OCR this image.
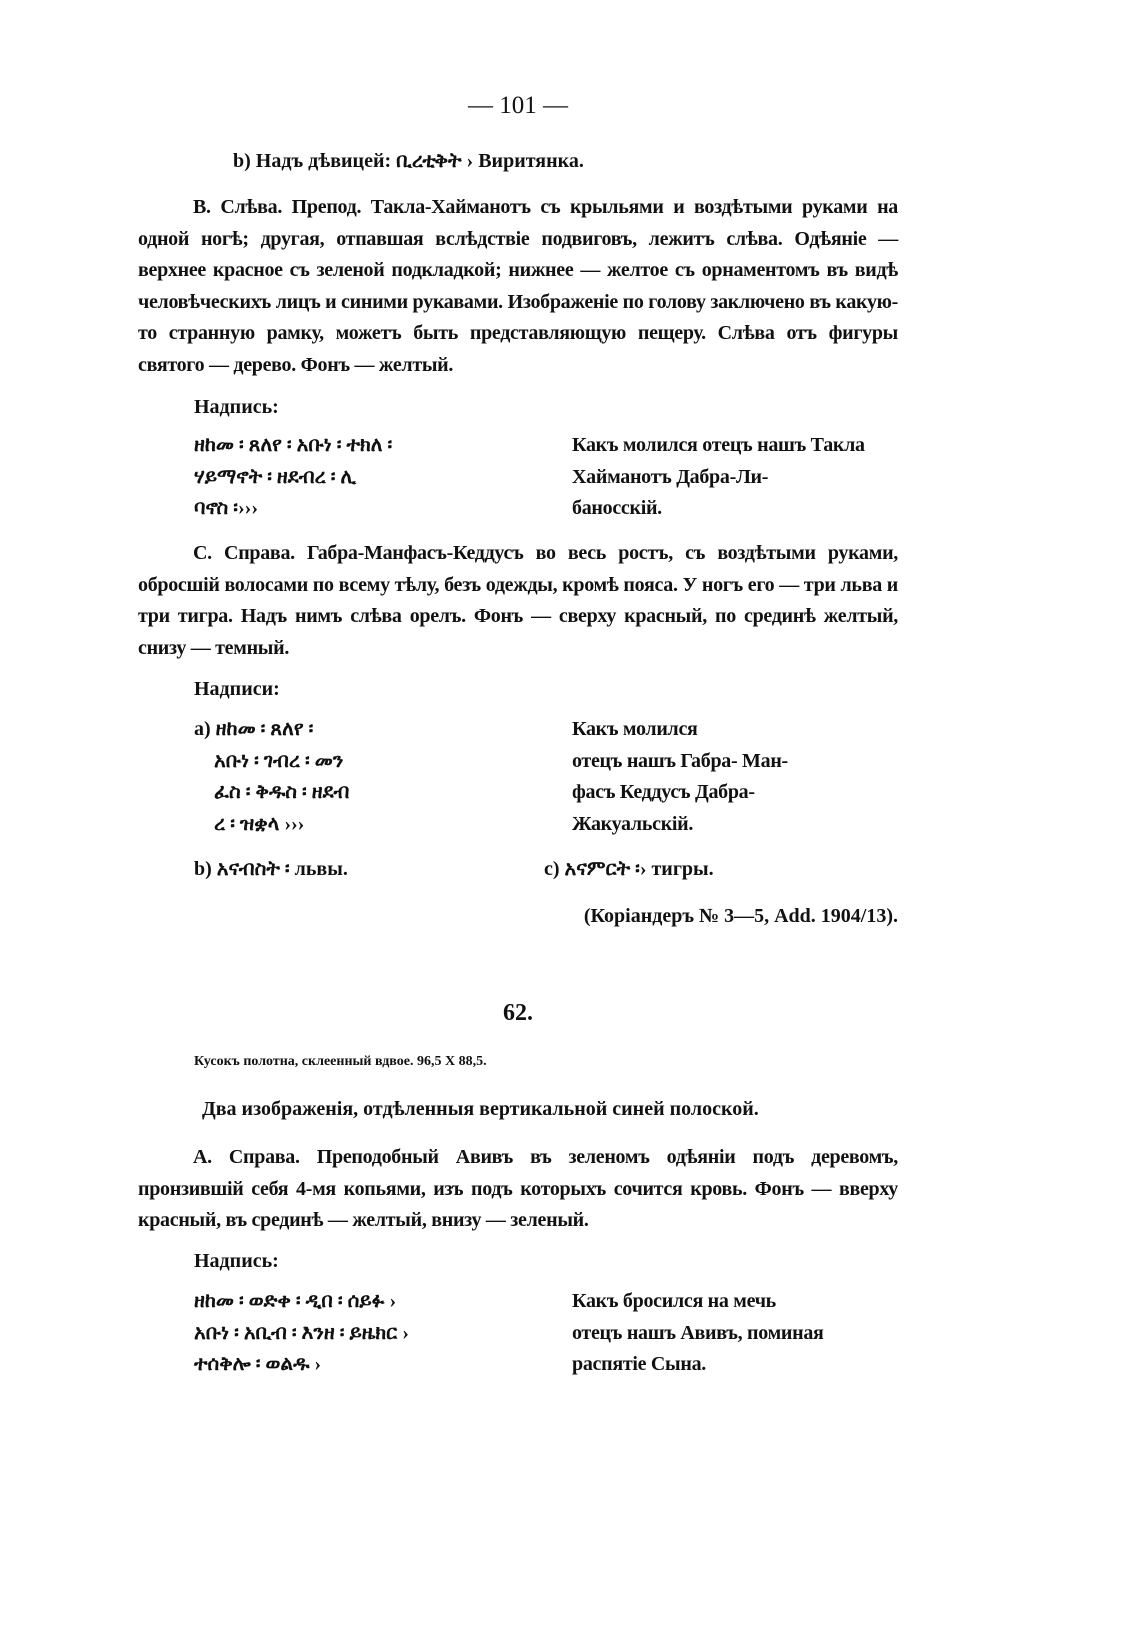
— 101 —
b) Надъ дѣвицей: ቢረቲቅት › Виритянка.
В. Слѣва. Препод. Такла-Хайманотъ съ крыльями и воздѣтыми руками на одной ногѣ; другая, отпавшая вслѣдствіе подвиговъ, лежитъ слѣва. Одѣяніе — верхнее красное съ зеленой подкладкой; нижнее — желтое съ орнаментомъ въ видѣ человѣческихъ лицъ и синими рукавами. Изображеніе по голову заключено въ какую-то странную рамку, можетъ быть представляющую пещеру. Слѣва отъ фигуры святого — дерево. Фонъ — желтый.
Надпись:
ዘከመ ፡ ጸለየ ፡ አቡነ ፡ ተክለ ፡
ሃይማኖት ፡ ዘደብረ ፡ ሊ
ባኖስ ፡›››
Какъ молился отецъ нашъ Такла
Хайманотъ Дабра-Ли-
баносскій.
С. Справа. Габра-Манфасъ-Кеддусъ во весь ростъ, съ воздѣтыми руками, обросшій волосами по всему тѣлу, безъ одежды, кромѣ пояса. У ногъ его — три льва и три тигра. Надъ нимъ слѣва орелъ. Фонъ — сверху красный, по срединѣ желтый, снизу — темный.
Надписи:
a) ዘከመ ፡ ጸለየ ፡
አቡነ ፡ ገብረ ፡ መን
ፈስ ፡ ቅዱስ ፡ ዘደብ
ረ ፡ ዝቋላ ›››
Какъ молился
отецъ нашъ Габра- Ман-
фасъ Кеддусъ Дабра-
Жакуальскій.
b) አናብስት ፡ львы.	c) አናምርት ፡› тигры.
(Коріандеръ № 3—5, Add. 1904/13).
62.
Кусокъ полотна, склеенный вдвое. 96,5 X 88,5.
Два изображенія, отдѣленныя вертикальной синей полоской.
А. Справа. Преподобный Авивъ въ зеленомъ одѣяніи подъ деревомъ, пронзившій себя 4-мя копьями, изъ подъ которыхъ сочится кровь. Фонъ — вверху красный, въ срединѣ — желтый, внизу — зеленый.
Надпись:
ዘከመ ፡ ወድቀ ፡ ዲበ ፡ ሰይፉ ›
አቡነ ፡ አቢብ ፡ እንዘ ፡ ይዜክር ›
ተሰቅሎ ፡ ወልዱ ›
Какъ бросился на мечь
отецъ нашъ Авивъ, поминая
распятіе Сына.
